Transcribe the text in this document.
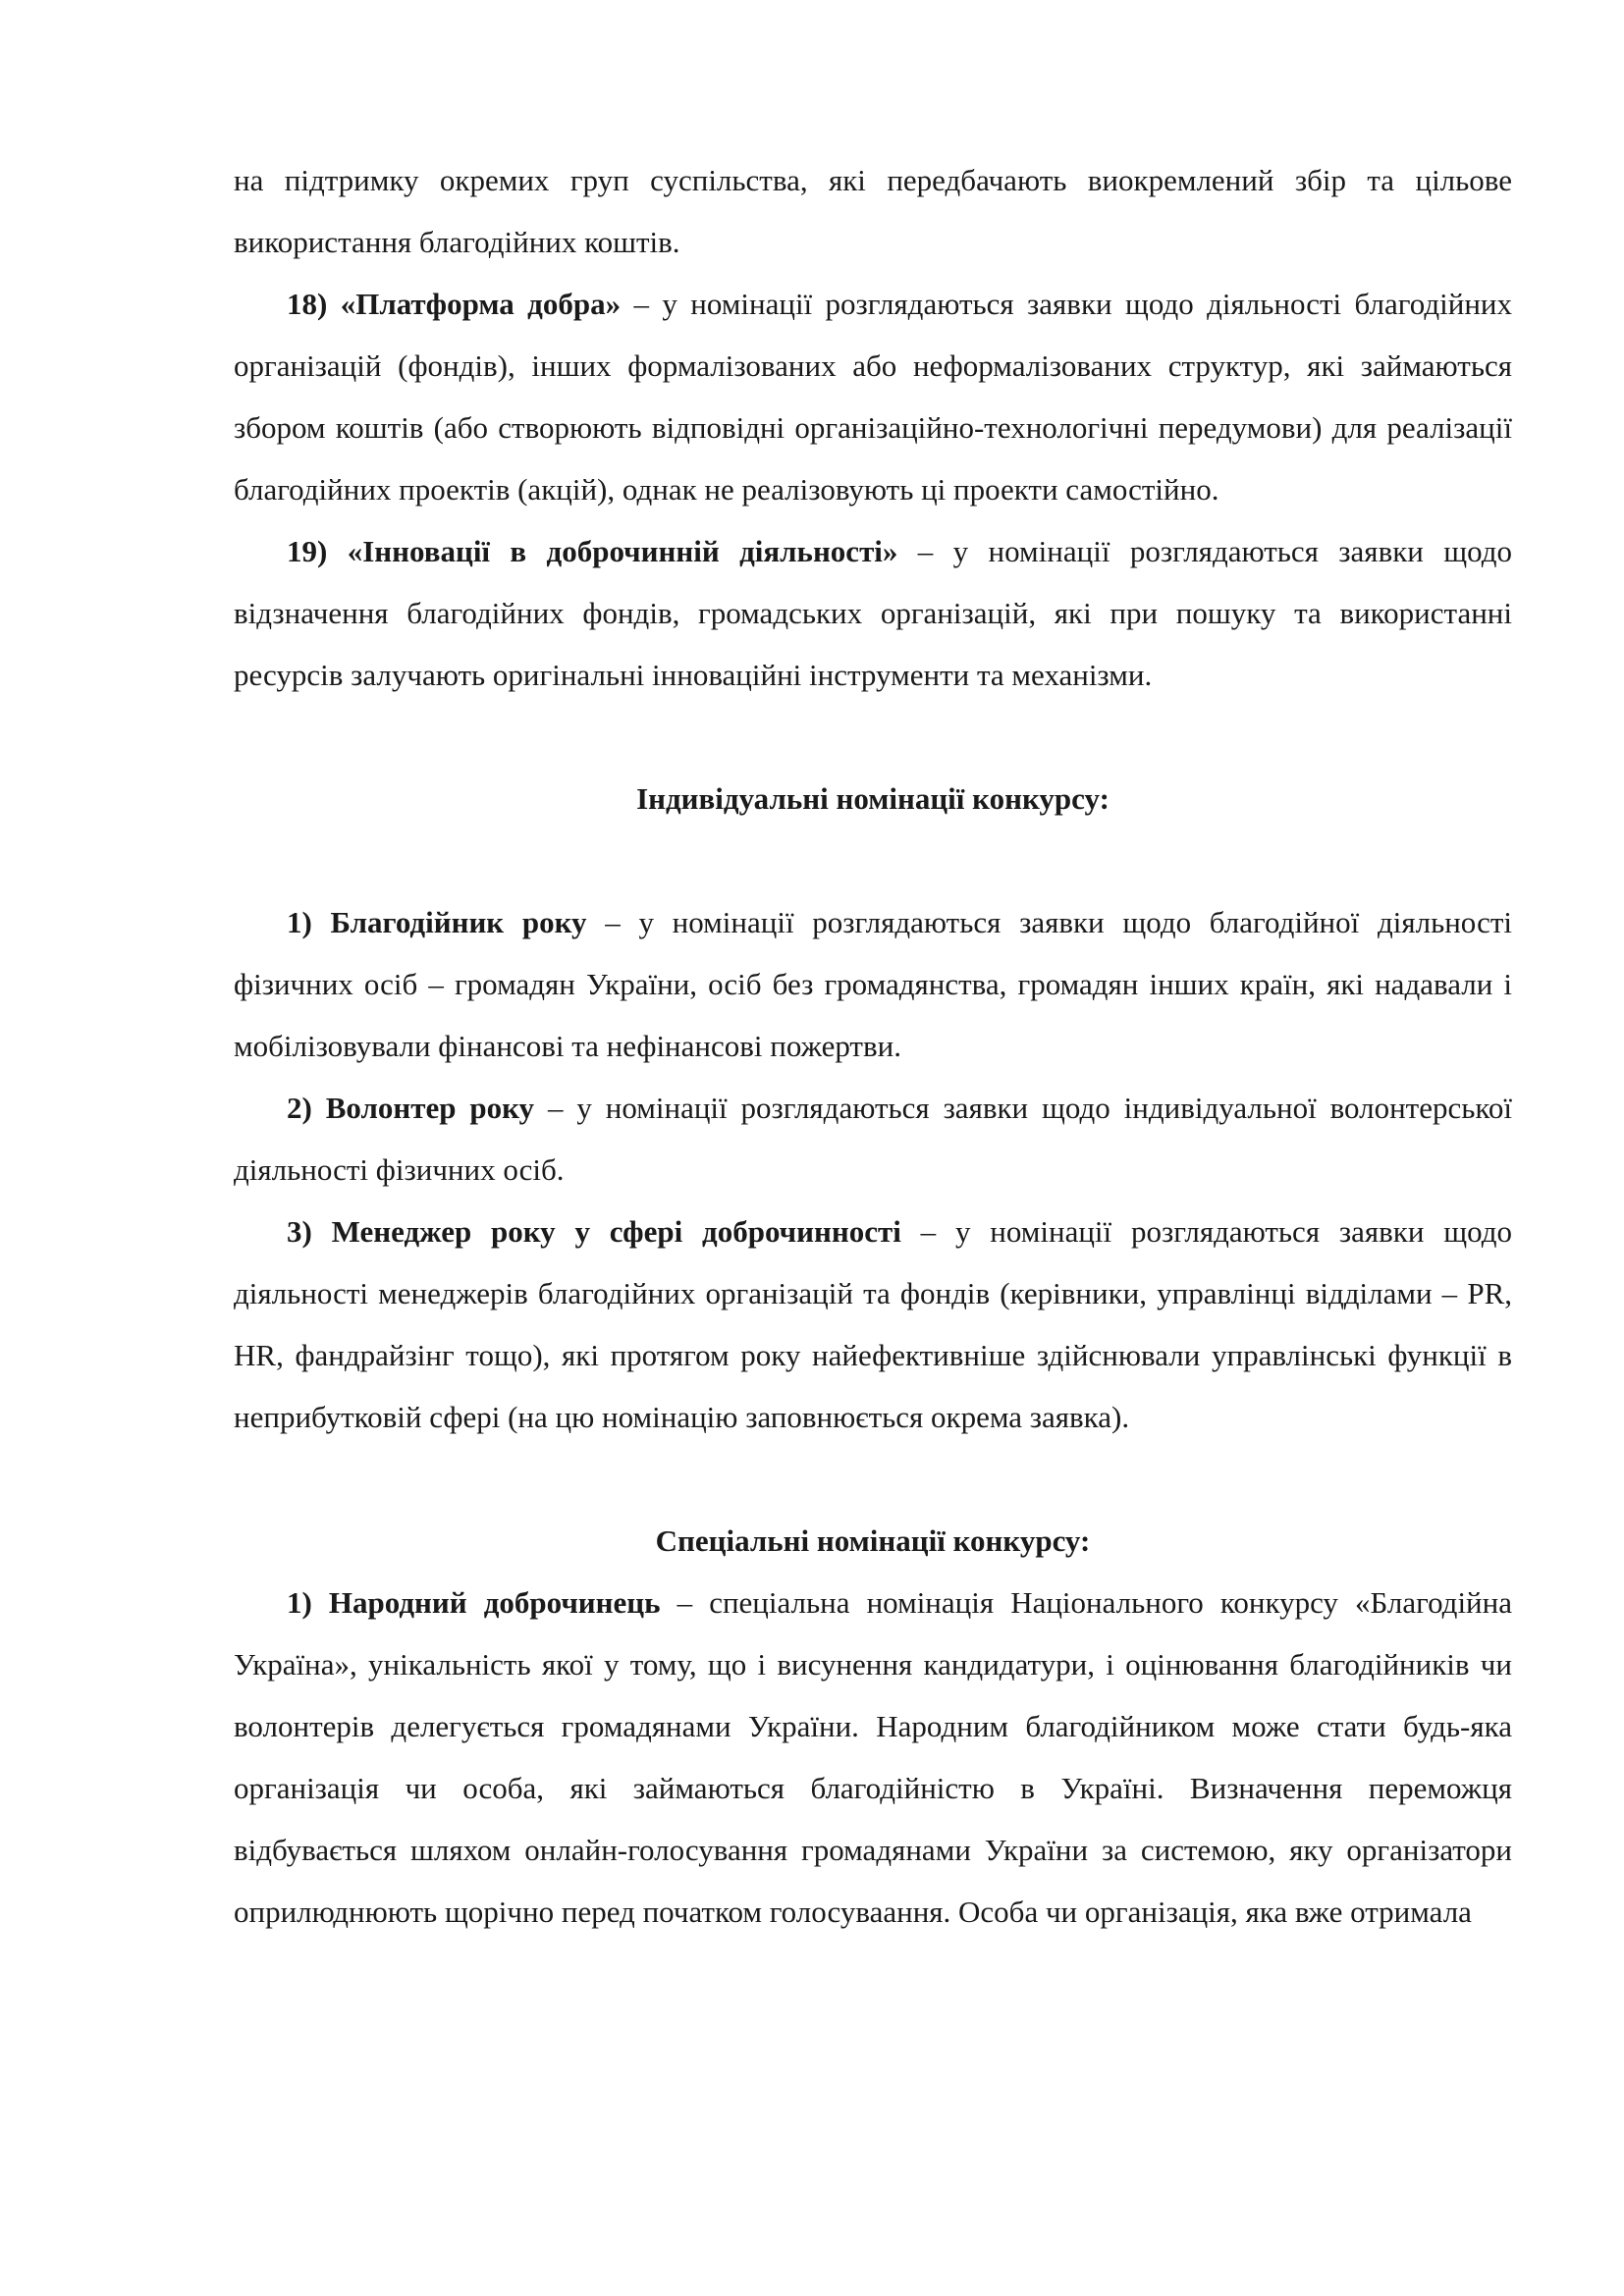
на підтримку окремих груп суспільства, які передбачають виокремлений збір та цільове використання благодійних коштів.

18) «Платформа добра» – у номінації розглядаються заявки щодо діяльності благодійних організацій (фондів), інших формалізованих або неформалізованих структур, які займаються збором коштів (або створюють відповідні організаційно-технологічні передумови) для реалізації благодійних проектів (акцій), однак не реалізовують ці проекти самостійно.

19) «Інновації в доброчинній діяльності» – у номінації розглядаються заявки щодо відзначення благодійних фондів, громадських організацій, які при пошуку та використанні ресурсів залучають оригінальні інноваційні інструменти та механізми.

Індивідуальні номінації конкурсу:

1) Благодійник року – у номінації розглядаються заявки щодо благодійної діяльності фізичних осіб – громадян України, осіб без громадянства, громадян інших країн, які надавали і мобілізовували фінансові та нефінансові пожертви.

2) Волонтер року – у номінації розглядаються заявки щодо індивідуальної волонтерської діяльності фізичних осіб.

3) Менеджер року у сфері доброчинності – у номінації розглядаються заявки щодо діяльності менеджерів благодійних організацій та фондів (керівники, управлінці відділами – PR, HR, фандрайзінг тощо), які протягом року найефективніше здійснювали управлінські функції в неприбутковій сфері (на цю номінацію заповнюється окрема заявка).

Спеціальні номінації конкурсу:

1) Народний доброчинець – спеціальна номінація Національного конкурсу «Благодійна Україна», унікальність якої у тому, що і висунення кандидатури, і оцінювання благодійників чи волонтерів делегується громадянами України. Народним благодійником може стати будь-яка організація чи особа, які займаються благодійністю в Україні. Визначення переможця відбувається шляхом онлайн-голосування громадянами України за системою, яку організатори оприлюднюють щорічно перед початком голосуваання. Особа чи організація, яка вже отримала
